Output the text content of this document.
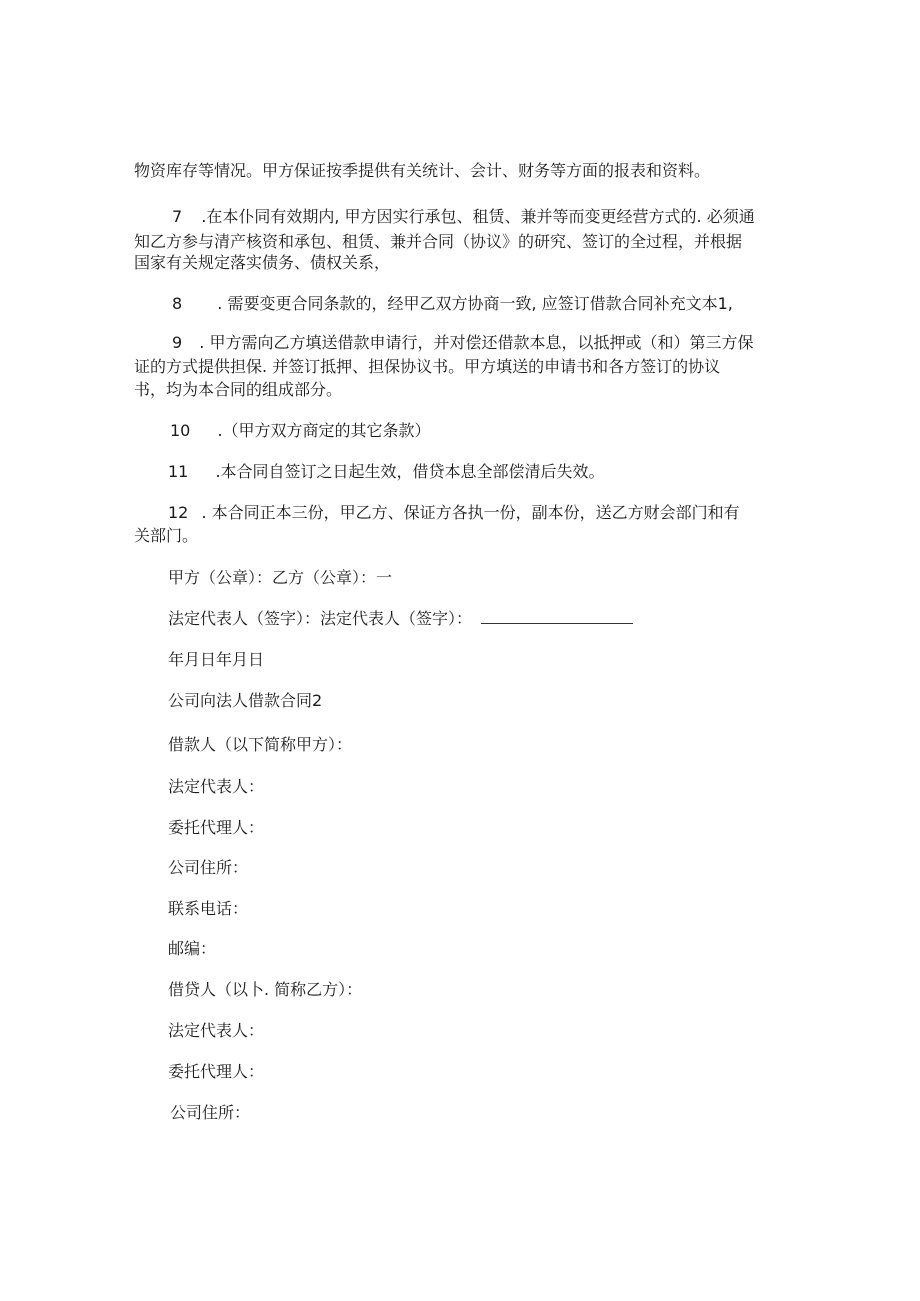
物资库存等情况。甲方保证按季提供有关统计、会计、财务等方面的报表和资料。
7 .在本仆同有效期内, 甲方因实行承包、租赁、兼并等而变更经营方式的. 必须通
知乙方参与清产核资和承包、租赁、兼并合同（协议》的研究、签订的全过程，并根据
国家有关规定落实债务、债权关系，
8 . 需要变更合同条款的，经甲乙双方协商一致, 应签订借款合同补充文本1,
9 . 甲方需向乙方填送借款申请行，并对偿还借款本息，以抵押或（和）第三方保
证的方式提供担保. 并签订抵押、担保协议书。甲方填送的申请书和各方签订的协议
书，均为本合同的组成部分。
10 .（甲方双方商定的其它条款）
11 .本合同自签订之日起生效，借贷本息全部偿清后失效。
12 . 本合同正本三份，甲乙方、保证方各执一份，副本份，送乙方财会部门和有
关部门。
甲方（公章）：乙方（公章）：一
法定代表人（签字）：法定代表人（签字）：
年月日年月日
公司向法人借款合同2
借款人（以下简称甲方）：
法定代表人：
委托代理人：
公司住所：
联系电话：
邮编：
借贷人（以卜. 简称乙方）：
法定代表人：
委托代理人：
公司住所：
